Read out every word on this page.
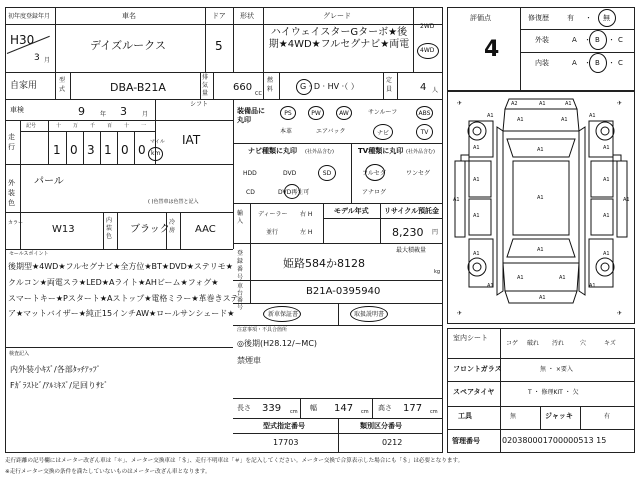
初年度登録年月
H30
3 月
車名
デイズルークス
ドア
5
形状	グレード
ハイウェイスターGターボ★後期★4WD★フルセグナビ★両電
2WD
4WD
自家用
型式	DBA-B21A
排気量
660
CC
燃料	G · D · HV ·（ ）
定員	4 人
車検	9	年 3	月
走行
記号	十 万 千 百 十 一
1 0 3 1 0 0
マイル
km
シフト
IAT
外装色
パール
( )色替車は色替と記入
カラー
W13
内装色
ブラック
冷房 AAC
装備品に丸印
PS	PW	AW	サンルーフ	ABS
本革	エアバック	ナビ	TV
ナビ種類に丸印 (社外品含む)
HDD	DVD	SD
CD	DVD再生可
TV種類に丸印 (社外品含む)
フルセグ	ワンセグ
アナログ
輸入
ディーラー
並行
右 H
左 H
モデル年式 リサイクル預託金
8,230 円
最大積載量
kg
登録番号
姫路584か8128
車台番号
B21A-0395940
新車保証書	取扱説明書
セールスポイント
後期型★4WD★フルセグナビ★全方位★BT★DVD★ステリモ★
クルコン★両電スラ★LED★Aライト★AHビーム★フォグ★
スマートキー★Pスタート★Aストップ★電格ミラー★革巻きステ
ア★マットバイザー★純正15インチAW★ロールサンシェード★
検査記入
内外装小ｷｽﾞ/各部ﾀｯﾁｱｯﾌﾟ
Fｶﾞﾗｽﾄﾋﾞ/ｱﾙﾐｷｽﾞ/足回りｻﾋﾞ
注意事項・不具合箇所
◎後期(H28.12/~MC)
禁煙車
長さ 339 cm 幅 147 cm 高さ 177 cm
型式指定番号
17703
類別区分番号
0212
評価点
4
修復歴	有 ・ 無
外装	A ・ B ・ C
内装	A ・ B ・ C
A2	A1	A1
A1	A1
A1	A1
A1	A1
A1
A1	A1
A1	A1
A1
A1	A1
A1
A1	A1
A1
A1	A1
A1	A1
✈	✈
✈	✈
室内シート
コゲ 破れ 汚れ	穴	キズ
フロントガラス	無 ・ ×要入
スペアタイヤ	T ・ 修理KIT ・ 欠
工具	無	ジャッキ	有
管理番号	020380001700000513 15
走行距離の記号欄にはメーター改ざん車は「＊」、メーター交換車は「＄」、走行不明車は「＃」を記入してください。メーター交換で合算表示した場合にも「＄」は必要となります。
※走行メーター交換の条件を満たしていないものはメーター改ざん車となります。
